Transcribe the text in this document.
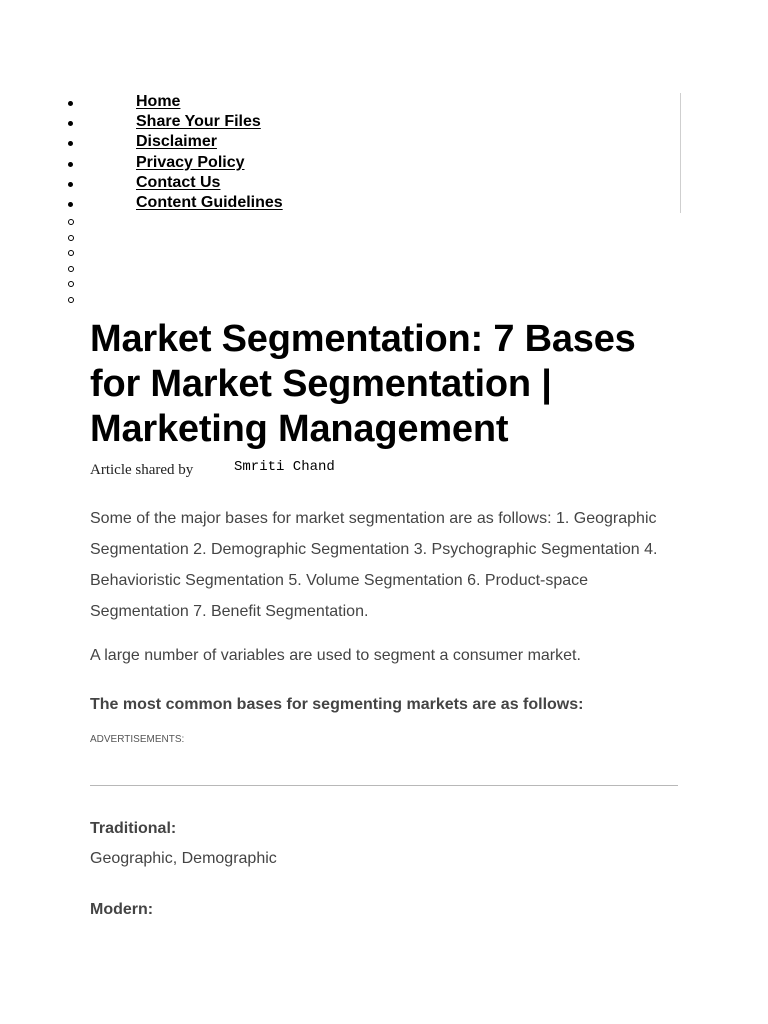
Home
Share Your Files
Disclaimer
Privacy Policy
Contact Us
Content Guidelines
Market Segmentation: 7 Bases for Market Segmentation | Marketing Management
Article shared by	Smriti Chand

Some of the major bases for market segmentation are as follows: 1. Geographic Segmentation 2. Demographic Segmentation 3. Psychographic Segmentation 4. Behavioristic Segmentation 5. Volume Segmentation 6. Product-space Segmentation 7. Benefit Segmentation.

A large number of variables are used to segment a consumer market.

The most common bases for segmenting markets are as follows:

ADVERTISEMENTS:

Traditional:

Geographic, Demographic

Modern:
